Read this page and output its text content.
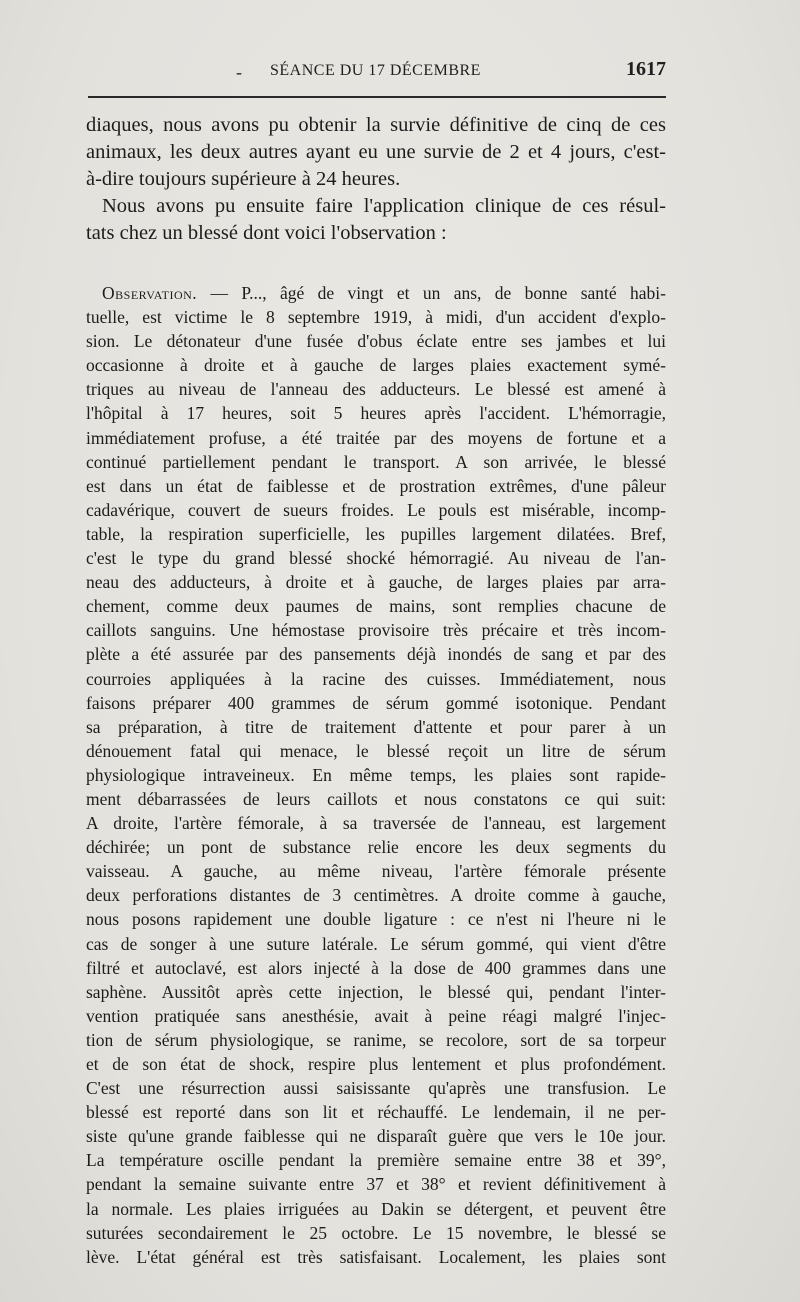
- SÉANCE DU 17 DÉCEMBRE	1617
diaques, nous avons pu obtenir la survie définitive de cinq de ces
animaux, les deux autres ayant eu une survie de 2 et 4 jours, c'est-
à-dire toujours supérieure à 24 heures.
Nous avons pu ensuite faire l'application clinique de ces résul-
tats chez un blessé dont voici l'observation :
Observation. — P..., âgé de vingt et un ans, de bonne santé habi-
tuelle, est victime le 8 septembre 1919, à midi, d'un accident d'explo-
sion. Le détonateur d'une fusée d'obus éclate entre ses jambes et lui
occasionne à droite et à gauche de larges plaies exactement symé-
triques au niveau de l'anneau des adducteurs. Le blessé est amené à
l'hôpital à 17 heures, soit 5 heures après l'accident. L'hémorragie,
immédiatement profuse, a été traitée par des moyens de fortune et a
continué partiellement pendant le transport. A son arrivée, le blessé
est dans un état de faiblesse et de prostration extrêmes, d'une pâleur
cadavérique, couvert de sueurs froides. Le pouls est misérable, incomp-
table, la respiration superficielle, les pupilles largement dilatées. Bref,
c'est le type du grand blessé shocké hémorragié. Au niveau de l'an-
neau des adducteurs, à droite et à gauche, de larges plaies par arra-
chement, comme deux paumes de mains, sont remplies chacune de
caillots sanguins. Une hémostase provisoire très précaire et très incom-
plète a été assurée par des pansements déjà inondés de sang et par des
courroies appliquées à la racine des cuisses. Immédiatement, nous
faisons préparer 400 grammes de sérum gommé isotonique. Pendant
sa préparation, à titre de traitement d'attente et pour parer à un
dénouement fatal qui menace, le blessé reçoit un litre de sérum
physiologique intraveineux. En même temps, les plaies sont rapide-
ment débarrassées de leurs caillots et nous constatons ce qui suit:
A droite, l'artère fémorale, à sa traversée de l'anneau, est largement
déchirée; un pont de substance relie encore les deux segments du
vaisseau. A gauche, au même niveau, l'artère fémorale présente
deux perforations distantes de 3 centimètres. A droite comme à gauche,
nous posons rapidement une double ligature : ce n'est ni l'heure ni le
cas de songer à une suture latérale. Le sérum gommé, qui vient d'être
filtré et autoclavé, est alors injecté à la dose de 400 grammes dans une
saphène. Aussitôt après cette injection, le blessé qui, pendant l'inter-
vention pratiquée sans anesthésie, avait à peine réagi malgré l'injec-
tion de sérum physiologique, se ranime, se recolore, sort de sa torpeur
et de son état de shock, respire plus lentement et plus profondément.
C'est une résurrection aussi saisissante qu'après une transfusion. Le
blessé est reporté dans son lit et réchauffé. Le lendemain, il ne per-
siste qu'une grande faiblesse qui ne disparaît guère que vers le 10e jour.
La température oscille pendant la première semaine entre 38 et 39°,
pendant la semaine suivante entre 37 et 38° et revient définitivement à
la normale. Les plaies irriguées au Dakin se détergent, et peuvent être
suturées secondairement le 25 octobre. Le 15 novembre, le blessé se
lève. L'état général est très satisfaisant. Localement, les plaies sont
